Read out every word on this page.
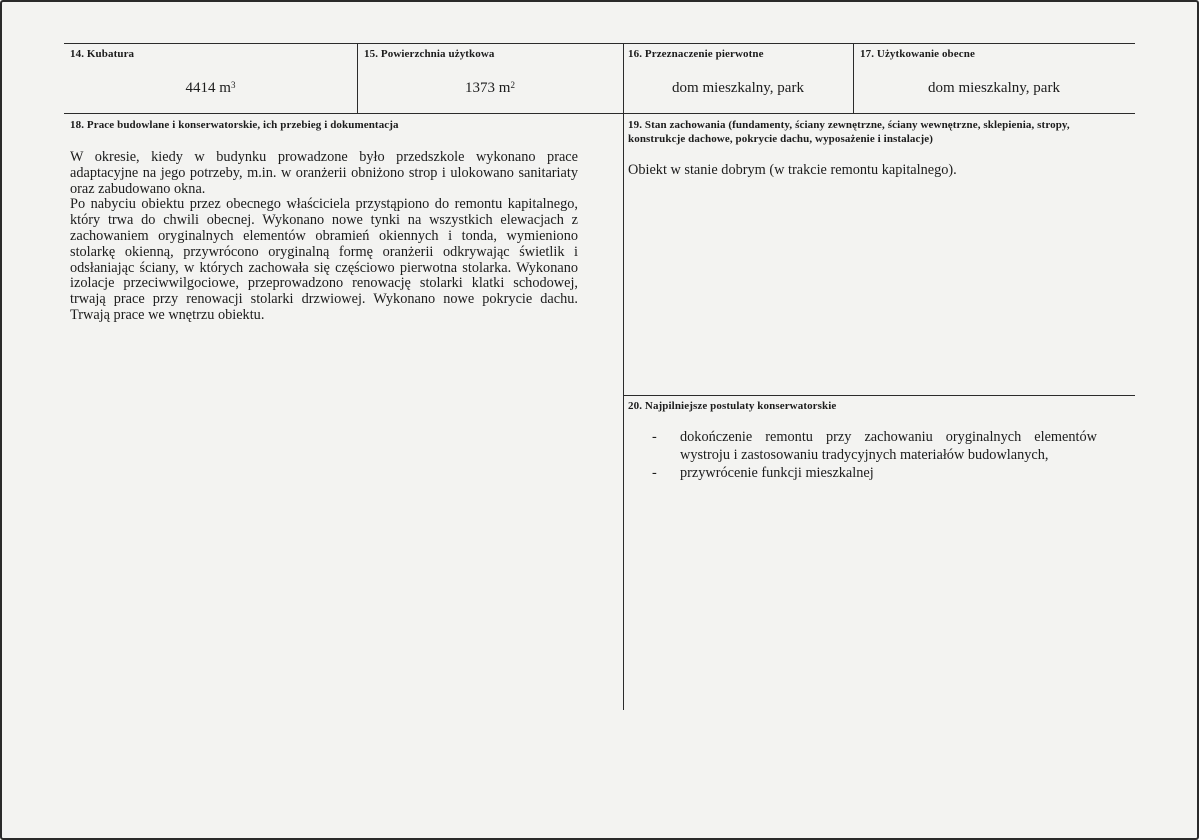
14. Kubatura
4414 $m^3$
15. Powierzchnia użytkowa
1373 $m^2$
16. Przeznaczenie pierwotne
dom mieszkalny, park
17. Użytkowanie obecne
dom mieszkalny, park
18. Prace budowlane i konserwatorskie, ich przebieg i dokumentacja

W okresie, kiedy w budynku prowadzone było przedszkole wykonano prace adaptacyjne na jego potrzeby, m.in. w oranżerii obniżono strop i ulokowano sanitariaty oraz zabudowano okna.

Po nabyciu obiektu przez obecnego właściciela przystąpiono do remontu kapitalnego, który trwa do chwili obecnej. Wykonano nowe tynki na wszystkich elewacjach z zachowaniem oryginalnych elementów obramień okiennych i tonda, wymieniono stolarkę okienną, przywrócono oryginalną formę oranżerii odkrywając świetlik i odsłaniając ściany, w których zachowała się częściowo pierwotna stolarka. Wykonano izolacje przeciwwilgociowe, przeprowadzono renowację stolarki klatki schodowej, trwają prace przy renowacji stolarki drzwiowej. Wykonano nowe pokrycie dachu. Trwają prace we wnętrzu obiektu.

19. Stan zachowania (fundamenty, ściany zewnętrzne, ściany wewnętrzne, sklepienia, stropy, konstrukcje dachowe, pokrycie dachu, wyposażenie i instalacje)
Obiekt w stanie dobrym (w trakcie remontu kapitalnego).
20. Najpilniejsze postulaty konserwatorskie
- dokończenie remontu przy zachowaniu oryginalnych elementów wystroju i zastosowaniu tradycyjnych materiałów budowlanych,
- przywrócenie funkcji mieszkalnej
